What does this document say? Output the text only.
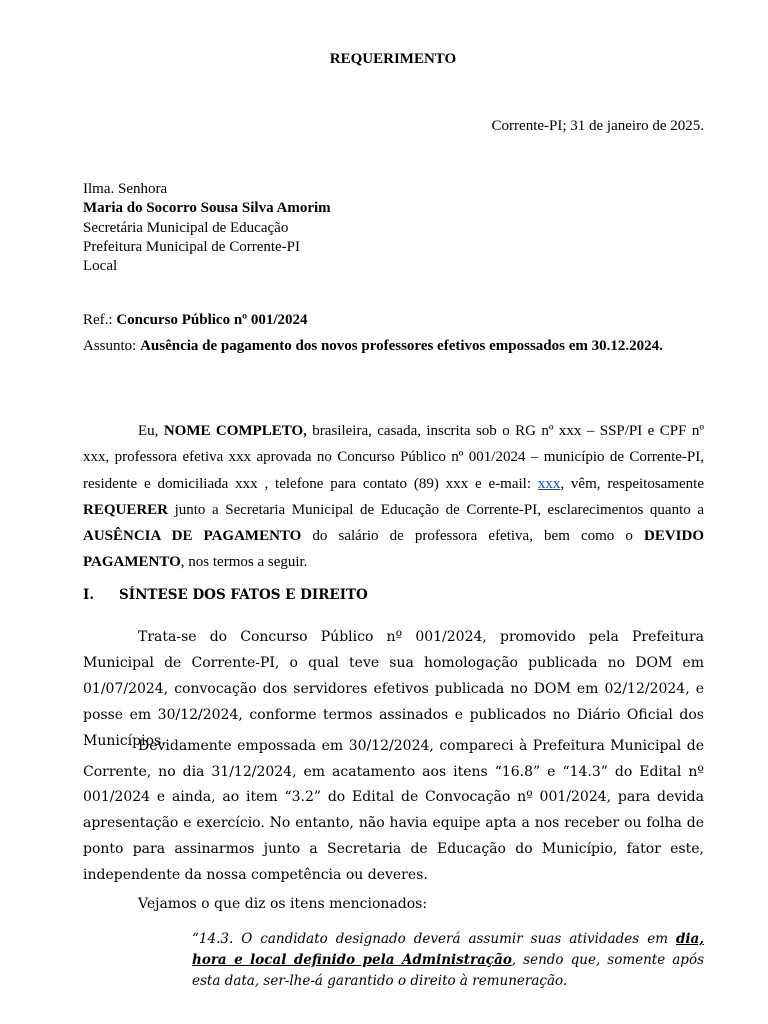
REQUERIMENTO
Corrente-PI; 31 de janeiro de 2025.
Ilma. Senhora
Maria do Socorro Sousa Silva Amorim
Secretária Municipal de Educação
Prefeitura Municipal de Corrente-PI
Local
Ref.: Concurso Público nº 001/2024
Assunto: Ausência de pagamento dos novos professores efetivos empossados em 30.12.2024.
Eu, NOME COMPLETO, brasileira, casada, inscrita sob o RG nº xxx – SSP/PI e CPF nº xxx, professora efetiva xxx aprovada no Concurso Público nº 001/2024 – município de Corrente-PI, residente e domiciliada xxx , telefone para contato (89) xxx e e-mail: xxx, vêm, respeitosamente REQUERER junto a Secretaria Municipal de Educação de Corrente-PI, esclarecimentos quanto a AUSÊNCIA DE PAGAMENTO do salário de professora efetiva, bem como o DEVIDO PAGAMENTO, nos termos a seguir.
I. SÍNTESE DOS FATOS E DIREITO
Trata-se do Concurso Público nº 001/2024, promovido pela Prefeitura Municipal de Corrente-PI, o qual teve sua homologação publicada no DOM em 01/07/2024, convocação dos servidores efetivos publicada no DOM em 02/12/2024, e posse em 30/12/2024, conforme termos assinados e publicados no Diário Oficial dos Municípios.
Devidamente empossada em 30/12/2024, compareci à Prefeitura Municipal de Corrente, no dia 31/12/2024, em acatamento aos itens “16.8” e “14.3” do Edital nº 001/2024 e ainda, ao item “3.2” do Edital de Convocação nº 001/2024, para devida apresentação e exercício. No entanto, não havia equipe apta a nos receber ou folha de ponto para assinarmos junto a Secretaria de Educação do Município, fator este, independente da nossa competência ou deveres.
Vejamos o que diz os itens mencionados:
“14.3. O candidato designado deverá assumir suas atividades em dia, hora e local definido pela Administração, sendo que, somente após esta data, ser-lhe-á garantido o direito à remuneração.
